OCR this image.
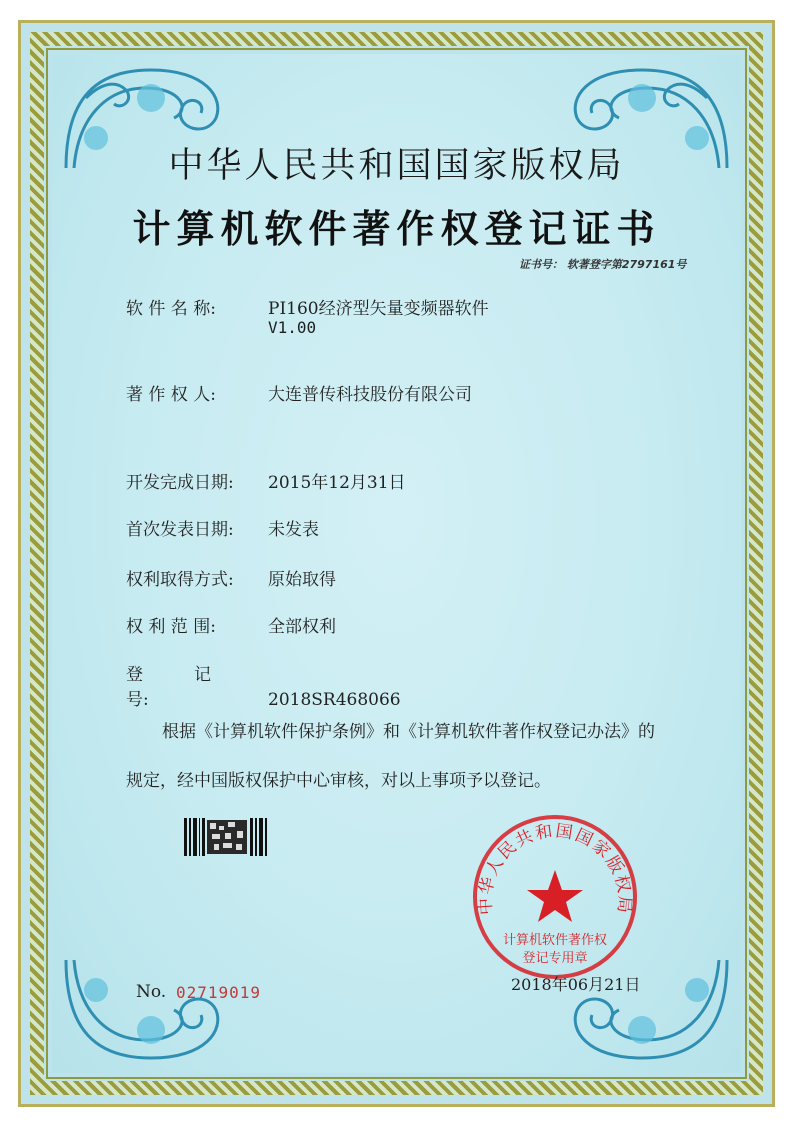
中华人民共和国国家版权局
计算机软件著作权登记证书
证书号： 软著登字第2797161号
软 件 名 称:	PI160经济型矢量变频器软件
V1.00
著 作 权 人:	大连普传科技股份有限公司
开发完成日期: 2015年12月31日
首次发表日期: 未发表
权利取得方式: 原始取得
权 利 范 围:	全部权利
登　　　记　　　号:	2018SR468066
根据《计算机软件保护条例》和《计算机软件著作权登记办法》的
规定，经中国版权保护中心审核，对以上事项予以登记。
中华人民共和国国家版权局
计算机软件著作权
登记专用章
No. 02719019	2018年06月21日
